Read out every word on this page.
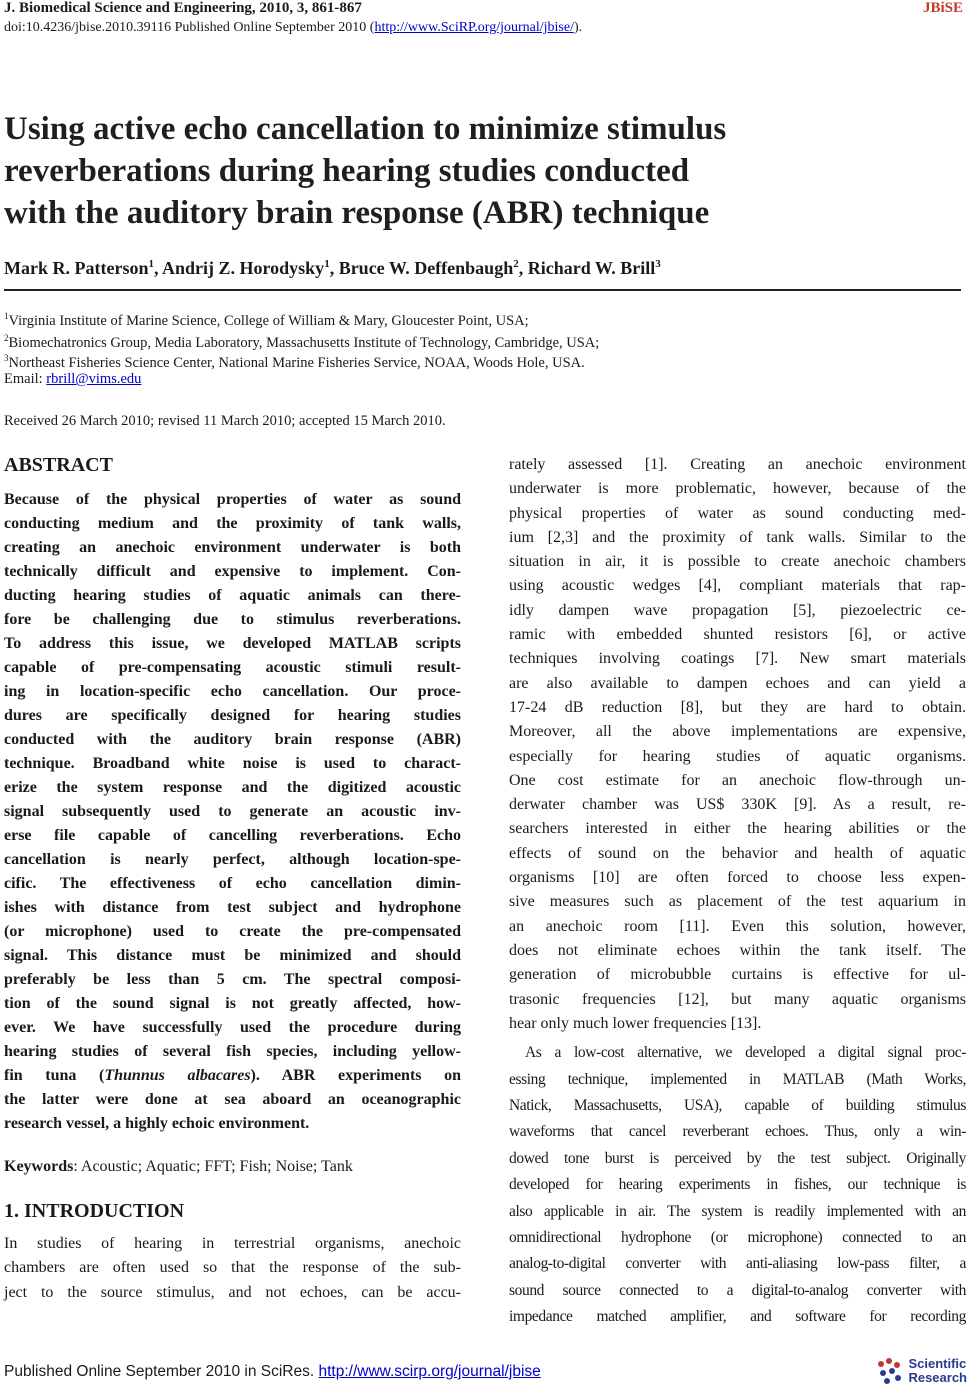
J. Biomedical Science and Engineering, 2010, 3, 861-867	JBiSE
doi:10.4236/jbise.2010.39116 Published Online September 2010 (http://www.SciRP.org/journal/jbise/).
Using active echo cancellation to minimize stimulus
reverberations during hearing studies conducted
with the auditory brain response (ABR) technique
Mark R. Patterson$^1$, Andrij Z. Horodysky$^1$, Bruce W. Deffenbaugh$^2$, Richard W. Brill$^3$
$^1$Virginia Institute of Marine Science, College of William & Mary, Gloucester Point, USA;
$^2$Biomechatronics Group, Media Laboratory, Massachusetts Institute of Technology, Cambridge, USA;
$^3$Northeast Fisheries Science Center, National Marine Fisheries Service, NOAA, Woods Hole, USA.
Email: rbrill@vims.edu
Received 26 March 2010; revised 11 March 2010; accepted 15 March 2010.
ABSTRACT
Because of the physical properties of water as sound
conducting medium and the proximity of tank walls,
creating an anechoic environment underwater is both
technically difficult and expensive to implement. Con-
ducting hearing studies of aquatic animals can there-
fore be challenging due to stimulus reverberations.
To address this issue, we developed MATLAB scripts
capable of pre-compensating acoustic stimuli result-
ing in location-specific echo cancellation. Our proce-
dures are specifically designed for hearing studies
conducted with the auditory brain response (ABR)
technique. Broadband white noise is used to charact-
erize the system response and the digitized acoustic
signal subsequently used to generate an acoustic inv-
erse file capable of cancelling reverberations. Echo
cancellation is nearly perfect, although location-spe-
cific. The effectiveness of echo cancellation dimin-
ishes with distance from test subject and hydrophone
(or microphone) used to create the pre-compensated
signal. This distance must be minimized and should
preferably be less than 5 cm. The spectral composi-
tion of the sound signal is not greatly affected, how-
ever. We have successfully used the procedure during
hearing studies of several fish species, including yellow-
fin tuna (Thunnus albacares). ABR experiments on
the latter were done at sea aboard an oceanographic
research vessel, a highly echoic environment.
Keywords: Acoustic; Aquatic; FFT; Fish; Noise; Tank
1. INTRODUCTION
In studies of hearing in terrestrial organisms, anechoic
chambers are often used so that the response of the sub-
ject to the source stimulus, and not echoes, can be accu-
rately assessed [1]. Creating an anechoic environment
underwater is more problematic, however, because of the
physical properties of water as sound conducting med-
ium [2,3] and the proximity of tank walls. Similar to the
situation in air, it is possible to create anechoic chambers
using acoustic wedges [4], compliant materials that rap-
idly dampen wave propagation [5], piezoelectric ce-
ramic with embedded shunted resistors [6], or active
techniques involving coatings [7]. New smart materials
are also available to dampen echoes and can yield a
17-24 dB reduction [8], but they are hard to obtain.
Moreover, all the above implementations are expensive,
especially for hearing studies of aquatic organisms.
One cost estimate for an anechoic flow-through un-
derwater chamber was US$ 330K [9]. As a result, re-
searchers interested in either the hearing abilities or the
effects of sound on the behavior and health of aquatic
organisms [10] are often forced to choose less expen-
sive measures such as placement of the test aquarium in
an anechoic room [11]. Even this solution, however,
does not eliminate echoes within the tank itself. The
generation of microbubble curtains is effective for ul-
trasonic frequencies [12], but many aquatic organisms
hear only much lower frequencies [13].
As a low-cost alternative, we developed a digital signal proc-
essing technique, implemented in MATLAB (Math Works,
Natick, Massachusetts, USA), capable of building stimulus
waveforms that cancel reverberant echoes. Thus, only a win-
dowed tone burst is perceived by the test subject. Originally
developed for hearing experiments in fishes, our technique is
also applicable in air. The system is readily implemented with an
omnidirectional hydrophone (or microphone) connected to an
analog-to-digital converter with anti-aliasing low-pass filter, a
sound source connected to a digital-to-analog converter with
impedance matched amplifier, and software for recording
Published Online September 2010 in SciRes. http://www.scirp.org/journal/jbise	Scientific
Research
